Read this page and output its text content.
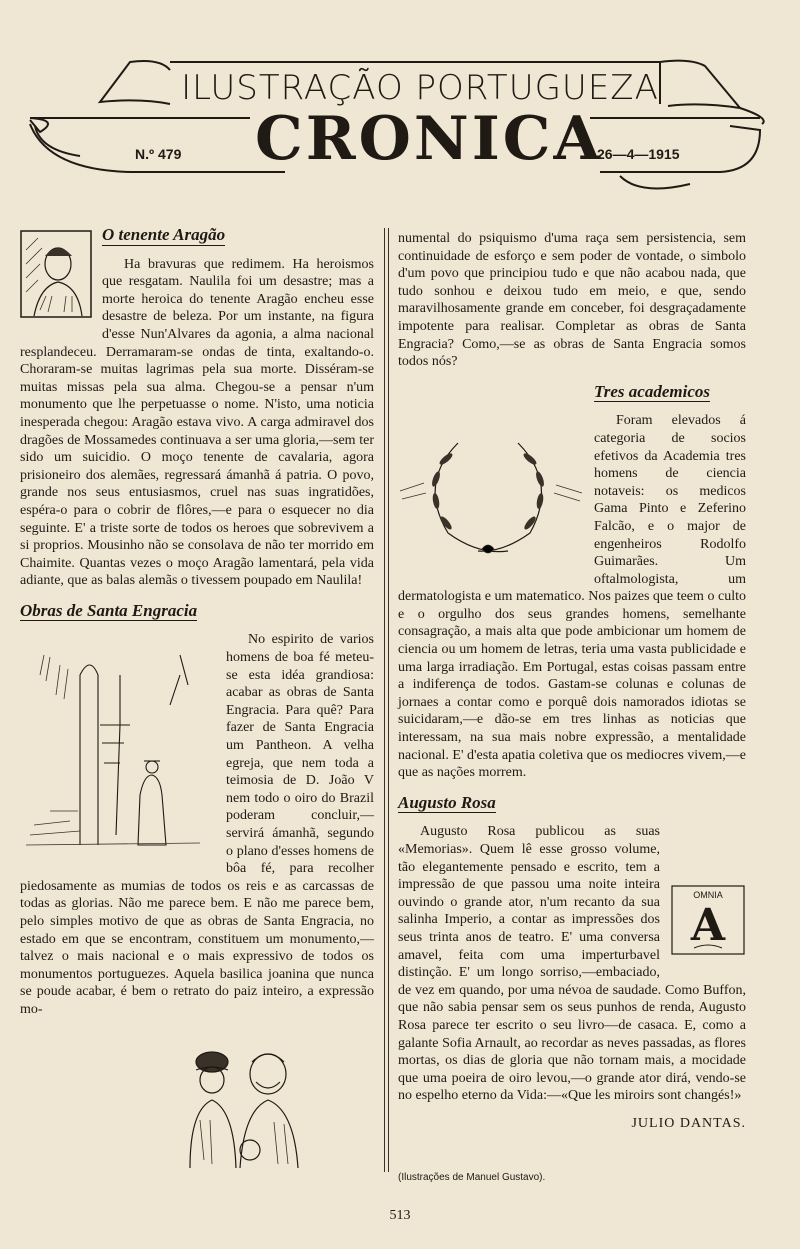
ILUSTRAÇÃO PORTUGUEZA
CRONICA
N.º 479	26—4—1915
O tenente Aragão

Ha bravuras que redimem. Ha heroismos que resgatam. Naulila foi um desastre; mas a morte heroica do tenente Aragão encheu esse desastre de beleza. Por um instante, na figura d'esse Nun'Alvares da agonia, a alma nacional resplandeceu. Derramaram-se ondas de tinta, exaltando-o. Choraram-se muitas lagrimas pela sua morte. Disséram-se muitas missas pela sua alma. Chegou-se a pensar n'um monumento que lhe perpetuasse o nome. N'isto, uma noticia inesperada chegou: Aragão estava vivo. A carga admiravel dos dragões de Mossamedes continuava a ser uma gloria,—sem ter sido um suicidio. O moço tenente de cavalaria, agora prisioneiro dos alemães, regressará ámanhã á patria. O povo, grande nos seus entusiasmos, cruel nas suas ingratidões, espéra-o para o cobrir de flôres,—e para o esquecer no dia seguinte. E' a triste sorte de todos os heroes que sobrevivem a si proprios. Mousinho não se consolava de não ter morrido em Chaimite. Quantas vezes o moço Aragão lamentará, pela vida adiante, que as balas alemãs o tivessem poupado em Naulila!

Obras de Santa Engracia

No espirito de varios homens de boa fé meteu-se esta idéa grandiosa: acabar as obras de Santa Engracia. Para quê? Para fazer de Santa Engracia um Pantheon. A velha egreja, que nem toda a teimosia de D. João V nem todo o oiro do Brazil poderam concluir,—servirá ámanhã, segundo o plano d'esses homens de bôa fé, para recolher piedosamente as mumias de todos os reis e as carcassas de todas as glorias. Não me parece bem. E não me parece bem, pelo simples motivo de que as obras de Santa Engracia, no estado em que se encontram, constituem um monumento,—talvez o mais nacional e o mais expressivo de todos os monumentos portuguezes. Aquela basilica joanina que nunca se poude acabar, é bem o retrato do paiz inteiro, a expressão mo-

numental do psiquismo d'uma raça sem persistencia, sem continuidade de esforço e sem poder de vontade, o simbolo d'um povo que principiou tudo e que não acabou nada, que tudo sonhou e deixou tudo em meio, e que, sendo maravilhosamente grande em conceber, foi desgraçadamente impotente para realisar. Completar as obras de Santa Engracia? Como,—se as obras de Santa Engracia somos todos nós?

Tres academicos

Foram elevados á categoria de socios efetivos da Academia tres homens de ciencia notaveis: os medicos Gama Pinto e Zeferino Falcão, e o major de engenheiros Rodolfo Guimarães. Um oftalmologista, um dermatologista e um matematico. Nos paizes que teem o culto e o orgulho dos seus grandes homens, semelhante consagração, a mais alta que pode ambicionar um homem de ciencia ou um homem de letras, teria uma vasta publicidade e uma larga irradiação. Em Portugal, estas coisas passam entre a indiferença de todos. Gastam-se colunas e colunas de jornaes a contar como e porquê dois namorados idiotas se suicidaram,—e dão-se em tres linhas as noticias que interessam, na sua mais nobre expressão, a mentalidade nacional. E' d'esta apatia coletiva que os mediocres vivem,—e que as nações morrem.

Augusto Rosa
OMNIA
A

Augusto Rosa publicou as suas «Memorias». Quem lê esse grosso volume, tão elegantemente pensado e escrito, tem a impressão de que passou uma noite inteira ouvindo o grande ator, n'um recanto da sua salinha Imperio, a contar as impressões dos seus trinta anos de teatro. E' uma conversa amavel, feita com uma imperturbavel distinção. E' um longo sorriso,—embaciado, de vez em quando, por uma névoa de saudade. Como Buffon, que não sabia pensar sem os seus punhos de renda, Augusto Rosa parece ter escrito o seu livro—de casaca. E, como a galante Sofia Arnault, ao recordar as neves passadas, as flores mortas, os dias de gloria que não tornam mais, a mocidade que uma poeira de oiro levou,—o grande ator dirá, vendo-se no espelho eterno da Vida:—«Que les miroirs sont changés!»

JULIO DANTAS.
(Ilustrações de Manuel Gustavo).
513
